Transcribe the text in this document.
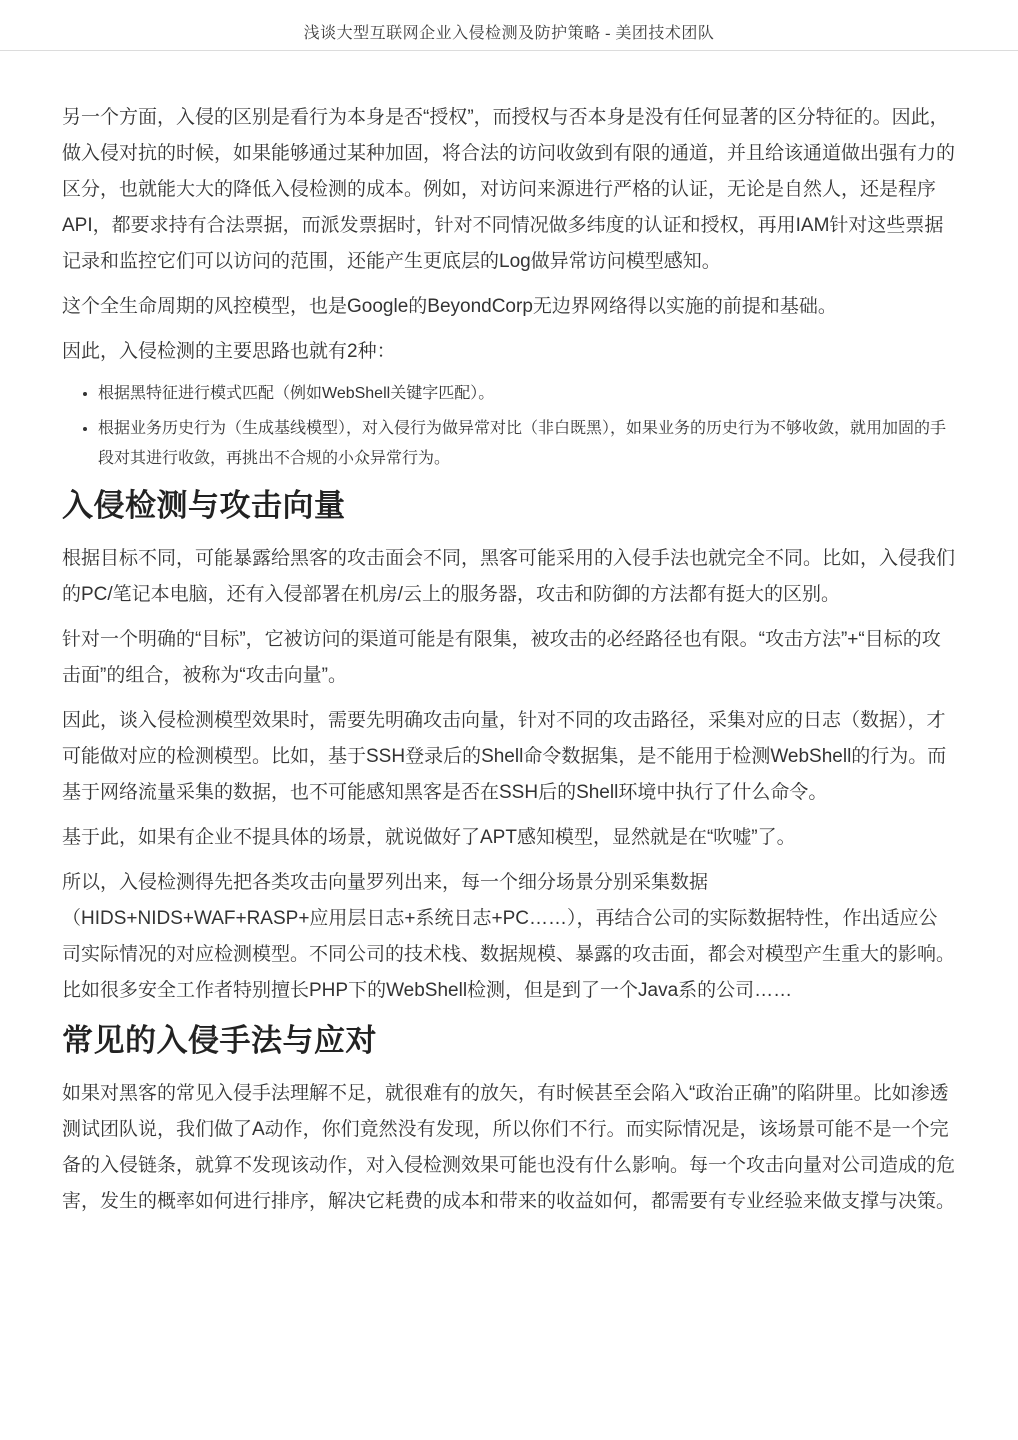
浅谈大型互联网企业入侵检测及防护策略 - 美团技术团队

另一个方面，入侵的区别是看行为本身是否“授权”，而授权与否本身是没有任何显著的区分特征的。因此，做入侵对抗的时候，如果能够通过某种加固，将合法的访问收敛到有限的通道，并且给该通道做出强有力的区分，也就能大大的降低入侵检测的成本。例如，对访问来源进行严格的认证，无论是自然人，还是程序API，都要求持有合法票据，而派发票据时，针对不同情况做多纬度的认证和授权，再用IAM针对这些票据记录和监控它们可以访问的范围，还能产生更底层的Log做异常访问模型感知。

这个全生命周期的风控模型，也是Google的BeyondCorp无边界网络得以实施的前提和基础。

因此，入侵检测的主要思路也就有2种：

• 根据黑特征进行模式匹配（例如WebShell关键字匹配）。
• 根据业务历史行为（生成基线模型），对入侵行为做异常对比（非白既黑），如果业务的历史行为不够收敛，就用加固的手段对其进行收敛，再挑出不合规的小众异常行为。
入侵检测与攻击向量

根据目标不同，可能暴露给黑客的攻击面会不同，黑客可能采用的入侵手法也就完全不同。比如，入侵我们的PC/笔记本电脑，还有入侵部署在机房/云上的服务器，攻击和防御的方法都有挺大的区别。

针对一个明确的“目标”，它被访问的渠道可能是有限集，被攻击的必经路径也有限。“攻击方法”+“目标的攻击面”的组合，被称为“攻击向量”。

因此，谈入侵检测模型效果时，需要先明确攻击向量，针对不同的攻击路径，采集对应的日志（数据），才可能做对应的检测模型。比如，基于SSH登录后的Shell命令数据集，是不能用于检测WebShell的行为。而基于网络流量采集的数据，也不可能感知黑客是否在SSH后的Shell环境中执行了什么命令。

基于此，如果有企业不提具体的场景，就说做好了APT感知模型，显然就是在“吹嘘”了。

所以，入侵检测得先把各类攻击向量罗列出来，每一个细分场景分别采集数据（HIDS+NIDS+WAF+RASP+应用层日志+系统日志+PC……），再结合公司的实际数据特性，作出适应公司实际情况的对应检测模型。不同公司的技术栈、数据规模、暴露的攻击面，都会对模型产生重大的影响。比如很多安全工作者特别擅长PHP下的WebShell检测，但是到了一个Java系的公司……

常见的入侵手法与应对

如果对黑客的常见入侵手法理解不足，就很难有的放矢，有时候甚至会陷入“政治正确”的陷阱里。比如渗透测试团队说，我们做了A动作，你们竟然没有发现，所以你们不行。而实际情况是，该场景可能不是一个完备的入侵链条，就算不发现该动作，对入侵检测效果可能也没有什么影响。每一个攻击向量对公司造成的危害，发生的概率如何进行排序，解决它耗费的成本和带来的收益如何，都需要有专业经验来做支撑与决策。
